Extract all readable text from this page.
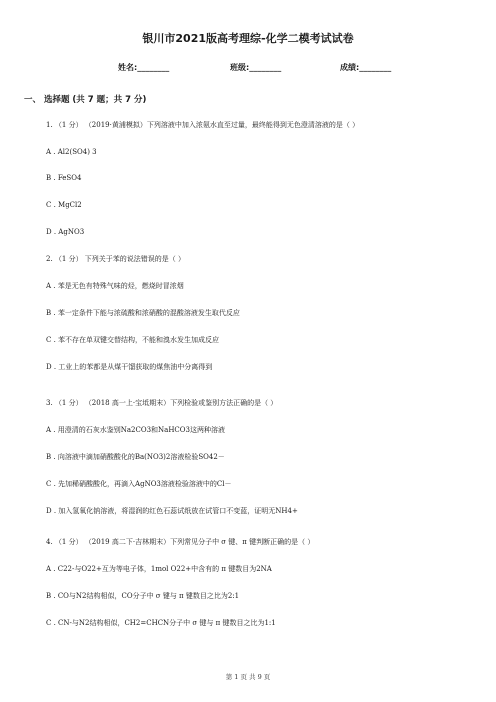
银川市2021版高考理综-化学二模考试试卷
姓名:________	班级:________	成绩:________
一、 选择题 (共 7 题；共 7 分)
1. （1 分） （2019·黄浦模拟）下列溶液中加入浓氨水直至过量，最终能得到无色澄清溶液的是（ ）
A . Al2(SO4) 3
B . FeSO4
C . MgCl2
D . AgNO3
2. （1 分） 下列关于苯的说法错误的是（ ）
A . 苯是无色有特殊气味的烃，燃烧时冒浓烟
B . 苯一定条件下能与浓硫酸和浓硝酸的混酸溶液发生取代反应
C . 苯不存在单双键交替结构，不能和溴水发生加成反应
D . 工业上的苯都是从煤干馏获取的煤焦油中分离得到
3. （1 分） （2018 高一上·宝坻期末）下列检验或鉴别方法正确的是（ ）
A . 用澄清的石灰水鉴别Na2CO3和NaHCO3这两种溶液
B . 向溶液中滴加硝酸酸化的Ba(NO3)2溶液检验SO42－
C . 先加稀硝酸酸化，再滴入AgNO3溶液检验溶液中的Cl－
D . 加入氢氧化钠溶液，将湿润的红色石蕊试纸放在试管口不变蓝，证明无NH4+
4. （1 分） （2019 高二下·吉林期末）下列常见分子中 σ 键、π 键判断正确的是（ ）
A . C22-与O22+互为等电子体，1mol O22+中含有的 π 键数目为2NA
B . CO与N2结构相似，CO分子中 σ 键与 π 键数目之比为2:1
C . CN-与N2结构相似，CH2=CHCN分子中 σ 键与 π 键数目之比为1:1
第 1 页 共 9 页
